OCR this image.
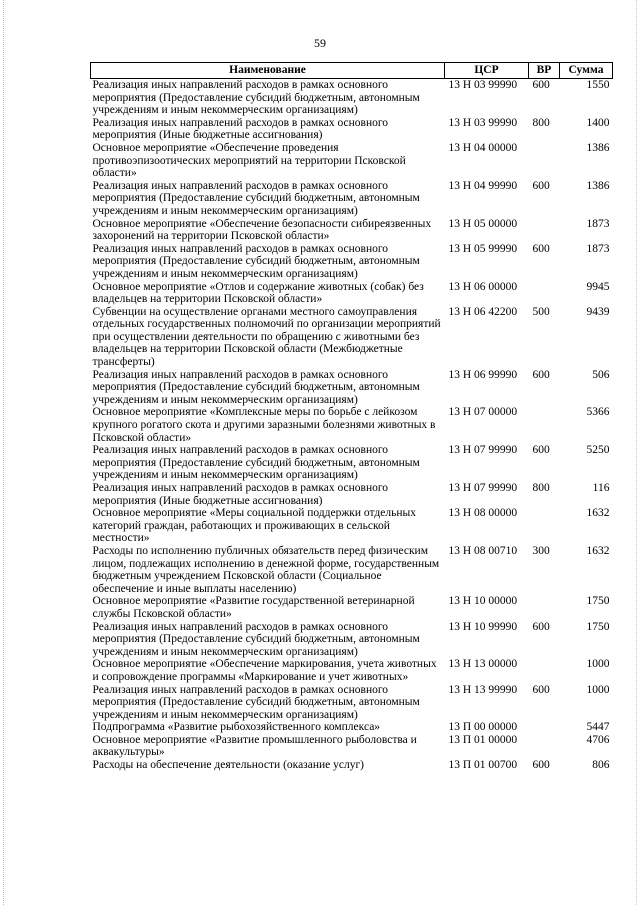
59
Наименование	ЦСР	ВР	Сумма
Реализация иных направлений расходов в рамках основного мероприятия (Предоставление субсидий бюджетным, автономным учреждениям и иным некоммерческим организациям)	13 Н 03 99990	600	1550
Реализация иных направлений расходов в рамках основного мероприятия (Иные бюджетные ассигнования)	13 Н 03 99990	800	1400
Основное мероприятие «Обеспечение проведения противоэпизоотических мероприятий на территории Псковской области»	13 Н 04 00000		1386
Реализация иных направлений расходов в рамках основного мероприятия (Предоставление субсидий бюджетным, автономным учреждениям и иным некоммерческим организациям)	13 Н 04 99990	600	1386
Основное мероприятие «Обеспечение безопасности сибиреязвенных захоронений на территории Псковской области»	13 Н 05 00000		1873
Реализация иных направлений расходов в рамках основного мероприятия (Предоставление субсидий бюджетным, автономным учреждениям и иным некоммерческим организациям)	13 Н 05 99990	600	1873
Основное мероприятие «Отлов и содержание животных (собак) без владельцев на территории Псковской области»	13 Н 06 00000		9945
Субвенции на осуществление органами местного самоуправления отдельных государственных полномочий по организации мероприятий при осуществлении деятельности по обращению с животными без владельцев на территории Псковской области (Межбюджетные трансферты)	13 Н 06 42200	500	9439
Реализация иных направлений расходов в рамках основного мероприятия (Предоставление субсидий бюджетным, автономным учреждениям и иным некоммерческим организациям)	13 Н 06 99990	600	506
Основное мероприятие «Комплексные меры по борьбе с лейкозом крупного рогатого скота и другими заразными болезнями животных в Псковской области»	13 Н 07 00000		5366
Реализация иных направлений расходов в рамках основного мероприятия (Предоставление субсидий бюджетным, автономным учреждениям и иным некоммерческим организациям)	13 Н 07 99990	600	5250
Реализация иных направлений расходов в рамках основного мероприятия (Иные бюджетные ассигнования)	13 Н 07 99990	800	116
Основное мероприятие «Меры социальной поддержки отдельных категорий граждан, работающих и проживающих в сельской местности»	13 Н 08 00000		1632
Расходы по исполнению публичных обязательств перед физическим лицом, подлежащих исполнению в денежной форме, государственным бюджетным учреждением Псковской области (Социальное обеспечение и иные выплаты населению)	13 Н 08 00710	300	1632
Основное мероприятие «Развитие государственной ветеринарной службы Псковской области»	13 Н 10 00000		1750
Реализация иных направлений расходов в рамках основного мероприятия (Предоставление субсидий бюджетным, автономным учреждениям и иным некоммерческим организациям)	13 Н 10 99990	600	1750
Основное мероприятие «Обеспечение маркирования, учета животных и сопровождение программы «Маркирование и учет животных»	13 Н 13 00000		1000
Реализация иных направлений расходов в рамках основного мероприятия (Предоставление субсидий бюджетным, автономным учреждениям и иным некоммерческим организациям)	13 Н 13 99990	600	1000
Подпрограмма «Развитие рыбохозяйственного комплекса»	13 П 00 00000		5447
Основное мероприятие «Развитие промышленного рыболовства и аквакультуры»	13 П 01 00000		4706
Расходы на обеспечение деятельности (оказание услуг)	13 П 01 00700	600	806
